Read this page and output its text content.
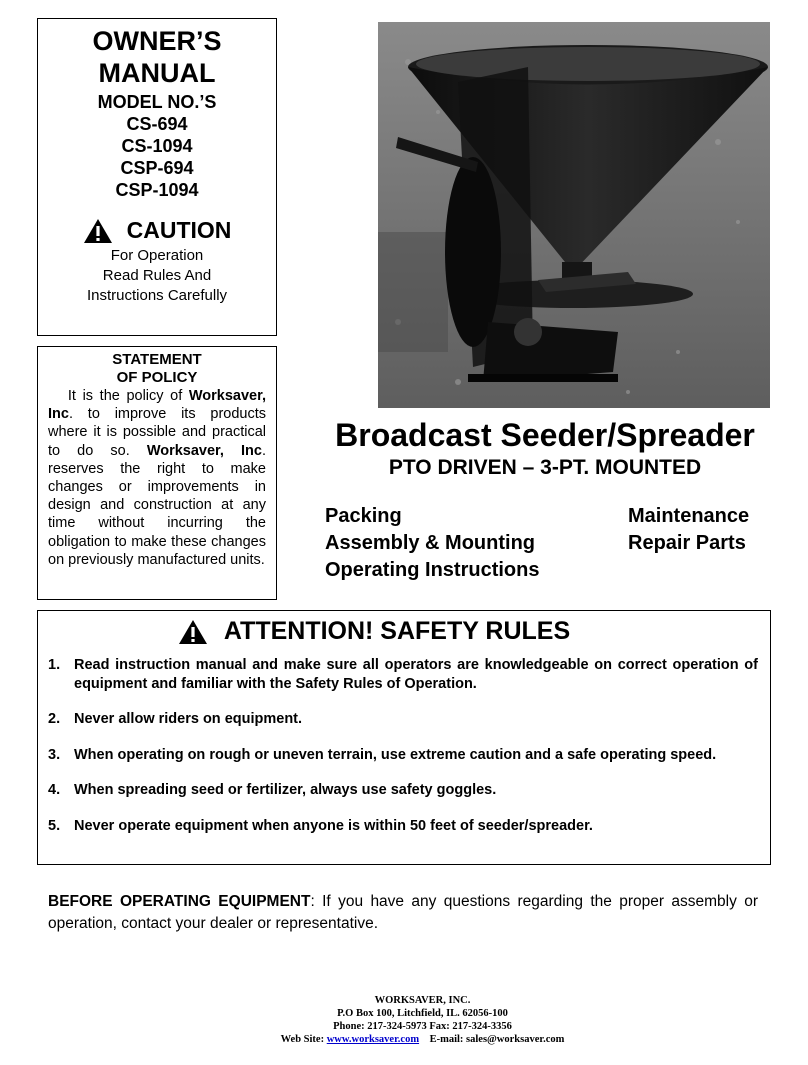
OWNER’S
MANUAL
MODEL NO.’S
CS-694
CS-1094
CSP-694
CSP-1094
CAUTION
For Operation
Read Rules And
Instructions Carefully
STATEMENT
OF POLICY
It is the policy of Worksaver, Inc. to improve its products where it is possible and practical to do so. Worksaver, Inc. reserves the right to make changes or improvements in design and construction at any time without incurring the obligation to make these changes on previously manufactured units.
Broadcast Seeder/Spreader
PTO DRIVEN – 3-PT. MOUNTED
Packing
Assembly & Mounting
Operating Instructions
Maintenance
Repair Parts
ATTENTION! SAFETY RULES
1. Read instruction manual and make sure all operators are knowledgeable on correct operation of equipment and familiar with the Safety Rules of Operation.
2. Never allow riders on equipment.
3. When operating on rough or uneven terrain, use extreme caution and a safe operating speed.
4. When spreading seed or fertilizer, always use safety goggles.
5. Never operate equipment when anyone is within 50 feet of seeder/spreader.
BEFORE OPERATING EQUIPMENT: If you have any questions regarding the proper assembly or operation, contact your dealer or representative.
WORKSAVER, INC.
P.O Box 100, Litchfield, IL. 62056-100
Phone: 217-324-5973 Fax: 217-324-3356
Web Site: www.worksaver.com E-mail: sales@worksaver.com
